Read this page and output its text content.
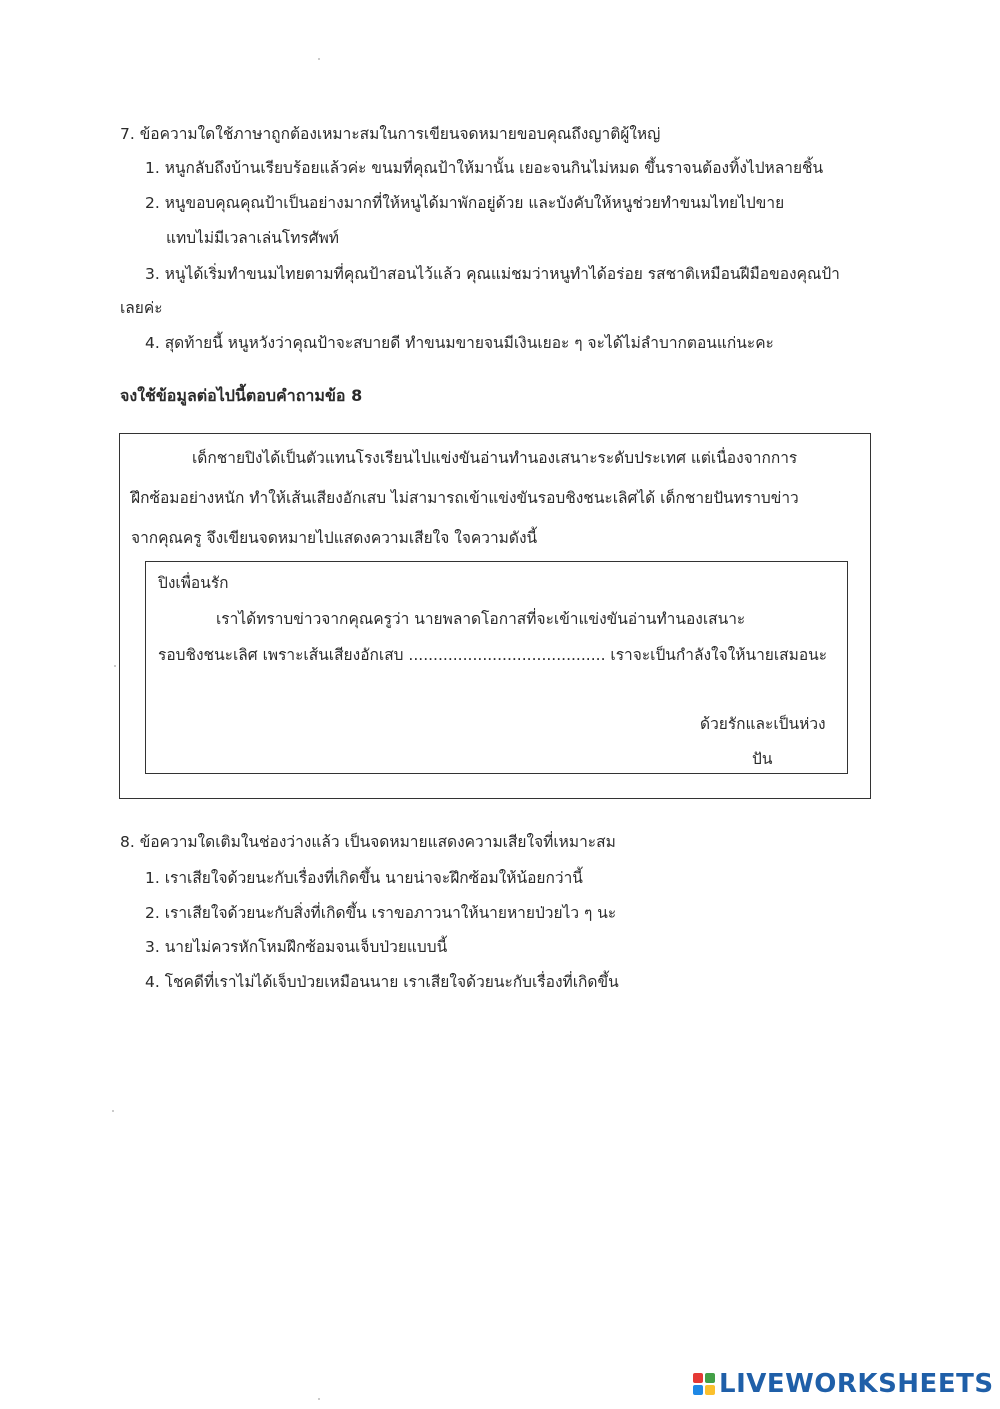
7. ข้อความใดใช้ภาษาถูกต้องเหมาะสมในการเขียนจดหมายขอบคุณถึงญาติผู้ใหญ่
1. หนูกลับถึงบ้านเรียบร้อยแล้วค่ะ ขนมที่คุณป้าให้มานั้น เยอะจนกินไม่หมด ขึ้นราจนต้องทิ้งไปหลายชิ้น
2. หนูขอบคุณคุณป้าเป็นอย่างมากที่ให้หนูได้มาพักอยู่ด้วย และบังคับให้หนูช่วยทำขนมไทยไปขาย
แทบไม่มีเวลาเล่นโทรศัพท์
3. หนูได้เริ่มทำขนมไทยตามที่คุณป้าสอนไว้แล้ว คุณแม่ชมว่าหนูทำได้อร่อย รสชาติเหมือนฝีมือของคุณป้า
เลยค่ะ
4. สุดท้ายนี้ หนูหวังว่าคุณป้าจะสบายดี ทำขนมขายจนมีเงินเยอะ ๆ จะได้ไม่ลำบากตอนแก่นะคะ
จงใช้ข้อมูลต่อไปนี้ตอบคำถามข้อ 8
เด็กชายปิงได้เป็นตัวแทนโรงเรียนไปแข่งขันอ่านทำนองเสนาะระดับประเทศ แต่เนื่องจากการ
ฝึกซ้อมอย่างหนัก ทำให้เส้นเสียงอักเสบ ไม่สามารถเข้าแข่งขันรอบชิงชนะเลิศได้ เด็กชายปันทราบข่าว
จากคุณครู จึงเขียนจดหมายไปแสดงความเสียใจ ใจความดังนี้
ปิงเพื่อนรัก
เราได้ทราบข่าวจากคุณครูว่า นายพลาดโอกาสที่จะเข้าแข่งขันอ่านทำนองเสนาะ
รอบชิงชนะเลิศ เพราะเส้นเสียงอักเสบ ........................................ เราจะเป็นกำลังใจให้นายเสมอนะ
ด้วยรักและเป็นห่วง
ปัน
8. ข้อความใดเติมในช่องว่างแล้ว เป็นจดหมายแสดงความเสียใจที่เหมาะสม
1. เราเสียใจด้วยนะกับเรื่องที่เกิดขึ้น นายน่าจะฝึกซ้อมให้น้อยกว่านี้
2. เราเสียใจด้วยนะกับสิ่งที่เกิดขึ้น เราขอภาวนาให้นายหายป่วยไว ๆ นะ
3. นายไม่ควรหักโหมฝึกซ้อมจนเจ็บป่วยแบบนี้
4. โชคดีที่เราไม่ได้เจ็บป่วยเหมือนนาย เราเสียใจด้วยนะกับเรื่องที่เกิดขึ้น
LIVEWORKSHEETS
